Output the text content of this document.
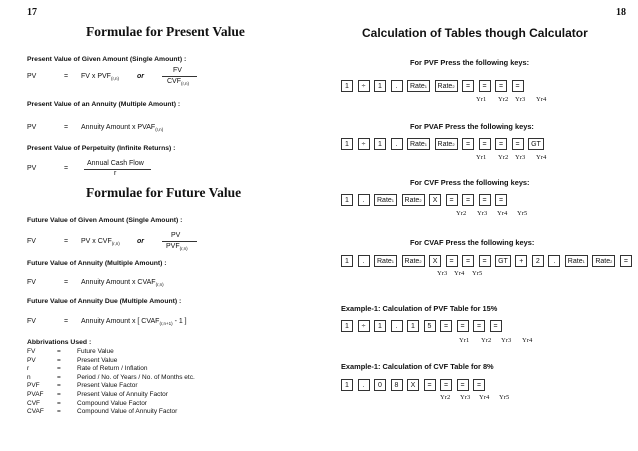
17	18
Formulae for Present Value
Present Value of Given Amount (Single Amount) :
PV	= FV x $PVF_{(r,n)}$	or
FV
$CVF_{(r,n)}$
Present Value of an Annuity (Multiple Amount) :
PV	= Annuity Amount x $PVAF_{(r,n)}$
Present Value of Perpetuity (Infinite Returns) :
PV	=
Annual Cash Flow
r
Formulae for Future Value
Future Value of Given Amount (Single Amount) :
FV	= PV x $CVF_{(r,n)}$ or
PV
$PVF_{(r,n)}$
Future Value of Annuity (Multiple Amount) :
FV	= Annuity Amount x $CVAF_{(r,n)}$
Future Value of Annuity Due (Multiple Amount) :
FV	= Annuity Amount x [ $CVAF_{(r,n+1)} - 1$ ]
Abbrivations Used :
FV	=	Future Value
PV	=	Present Value
r	=	Rate of Return / Inflation
n	=	Period / No. of Years / No. of Months etc.
PVF	=	Present Value Factor
PVAF	=	Present Value of Annuity Factor
CVF	=	Compound Value Factor
CVAF	=	Compound Value of Annuity Factor
Calculation of Tables though Calculator
For PVF Press the following keys:
1 ÷ 1 . Rate 1 Rate 2 = = = =
For PVAF Press the following keys:
1 ÷ 1 . Rate 1 Rate 2 = = = = GT
For CVF Press the following keys:
1 . Rate 1 Rate 2 X = = = =
For CVAF Press the following keys:
1 . Rate 1 Rate 2 X = = = GT + 2 . Rate 1 Rate 2 =
Example-1: Calculation of PVF Table for 15%
1 ÷ 1 . 1 5 = = = =
Example-1: Calculation of CVF Table for 8%
1 . 0 8 X = = = =
Yr1 Yr2 Yr3 Yr4
Yr1 Yr2 Yr3 Yr4
Yr2 Yr3 Yr4 Yr5
Yr3 Yr4 Yr5
Yr1 Yr2 Yr3 Yr4
Yr2 Yr3 Yr4 Yr5
